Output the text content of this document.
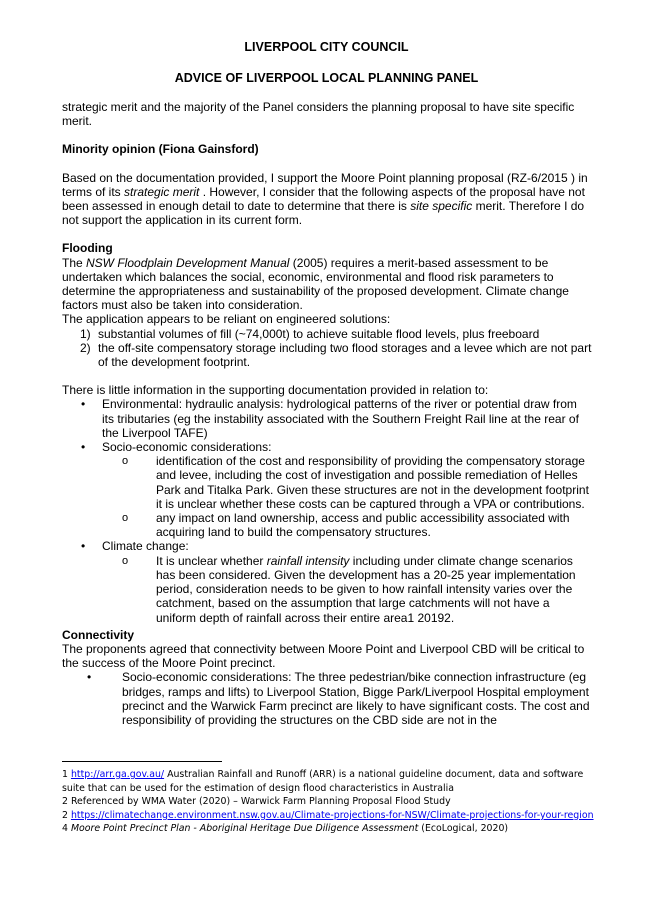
LIVERPOOL CITY COUNCIL
ADVICE OF LIVERPOOL LOCAL PLANNING PANEL

strategic merit and the majority of the Panel considers the planning proposal to have site specific merit.

Minority opinion (Fiona Gainsford)

Based on the documentation provided, I support the Moore Point planning proposal (RZ-6/2015 ) in terms of its strategic merit . However, I consider that the following aspects of the proposal have not been assessed in enough detail to date to determine that there is site specific merit. Therefore I do not support the application in its current form.

Flooding

The NSW Floodplain Development Manual (2005) requires a merit-based assessment to be undertaken which balances the social, economic, environmental and flood risk parameters to determine the appropriateness and sustainability of the proposed development. Climate change factors must also be taken into consideration.

The application appears to be reliant on engineered solutions:

1) substantial volumes of fill (~74,000t) to achieve suitable flood levels, plus freeboard
2) the off-site compensatory storage including two flood storages and a levee which are not part of the development footprint.

There is little information in the supporting documentation provided in relation to:

• Environmental: hydraulic analysis: hydrological patterns of the river or potential draw from its tributaries (eg the instability associated with the Southern Freight Rail line at the rear of the Liverpool TAFE)
• Socio-economic considerations:
o identification of the cost and responsibility of providing the compensatory storage and levee, including the cost of investigation and possible remediation of Helles Park and Titalka Park. Given these structures are not in the development footprint it is unclear whether these costs can be captured through a VPA or contributions.
o any impact on land ownership, access and public accessibility associated with acquiring land to build the compensatory structures.
• Climate change:
o It is unclear whether rainfall intensity including under climate change scenarios has been considered. Given the development has a 20-25 year implementation period, consideration needs to be given to how rainfall intensity varies over the catchment, based on the assumption that large catchments will not have a uniform depth of rainfall across their entire area1 20192.

Connectivity

The proponents agreed that connectivity between Moore Point and Liverpool CBD will be critical to the success of the Moore Point precinct.

•	Socio-economic considerations: The three pedestrian/bike connection infrastructure (eg bridges, ramps and lifts) to Liverpool Station, Bigge Park/Liverpool Hospital employment precinct and the Warwick Farm precinct are likely to have significant costs. The cost and responsibility of providing the structures on the CBD side are not in the
1 http://arr.ga.gov.au/ Australian Rainfall and Runoff (ARR) is a national guideline document, data and software suite that can be used for the estimation of design flood characteristics in Australia
2 Referenced by WMA Water (2020) – Warwick Farm Planning Proposal Flood Study
2 https://climatechange.environment.nsw.gov.au/Climate-projections-for-NSW/Climate-projections-for-your-region
4 Moore Point Precinct Plan - Aboriginal Heritage Due Diligence Assessment (EcoLogical, 2020)
